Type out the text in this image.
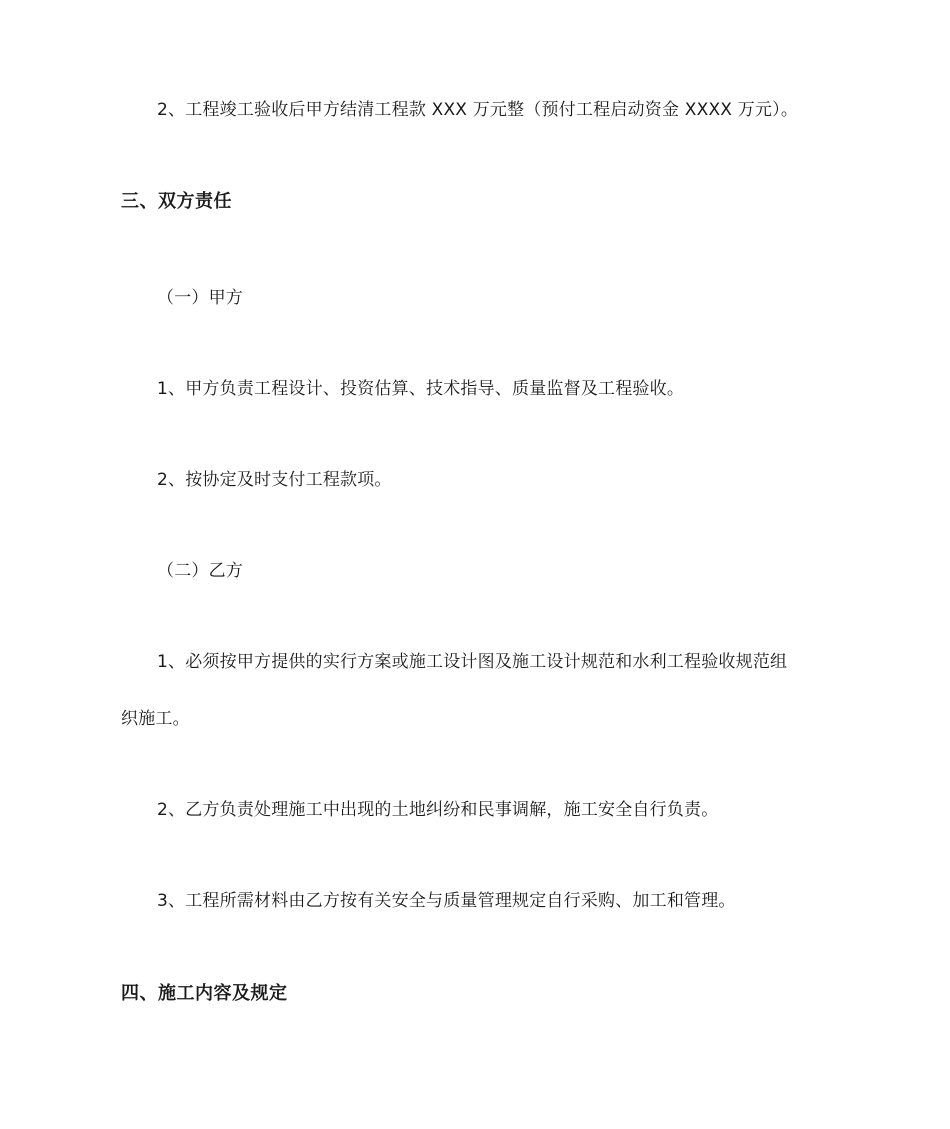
2、工程竣工验收后甲方结清工程款 XXX 万元整（预付工程启动资金 XXXX 万元）。
三、双方责任
（一）甲方
1、甲方负责工程设计、投资估算、技术指导、质量监督及工程验收。
2、按协定及时支付工程款项。
（二）乙方
1、必须按甲方提供的实行方案或施工设计图及施工设计规范和水利工程验收规范组
织施工。
2、乙方负责处理施工中出现的土地纠纷和民事调解，施工安全自行负责。
3、工程所需材料由乙方按有关安全与质量管理规定自行采购、加工和管理。
四、施工内容及规定
